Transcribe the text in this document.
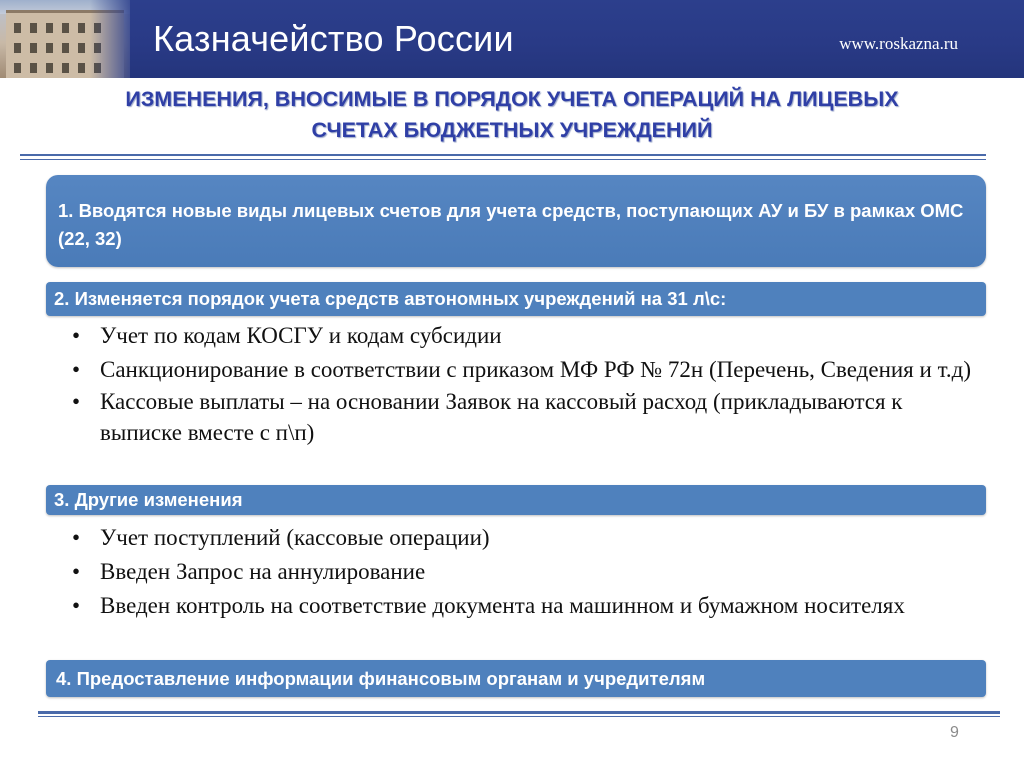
Казначейство России	www.roskazna.ru
ИЗМЕНЕНИЯ, ВНОСИМЫЕ В ПОРЯДОК УЧЕТА ОПЕРАЦИЙ НА ЛИЦЕВЫХ
СЧЕТАХ БЮДЖЕТНЫХ УЧРЕЖДЕНИЙ
1. Вводятся новые виды лицевых счетов для учета средств, поступающих АУ и БУ в рамках ОМС (22, 32)
2. Изменяется порядок учета средств автономных учреждений на 31 л\с:
• Учет по кодам КОСГУ и кодам субсидии
• Санкционирование в соответствии с приказом МФ РФ № 72н (Перечень, Сведения и т.д)
• Кассовые выплаты – на основании Заявок на кассовый расход (прикладываются к выписке вместе с п\п)
3. Другие изменения
• Учет поступлений (кассовые операции)
• Введен Запрос на аннулирование
• Введен контроль на соответствие документа на машинном и бумажном носителях
4. Предоставление информации финансовым органам и учредителям
9
